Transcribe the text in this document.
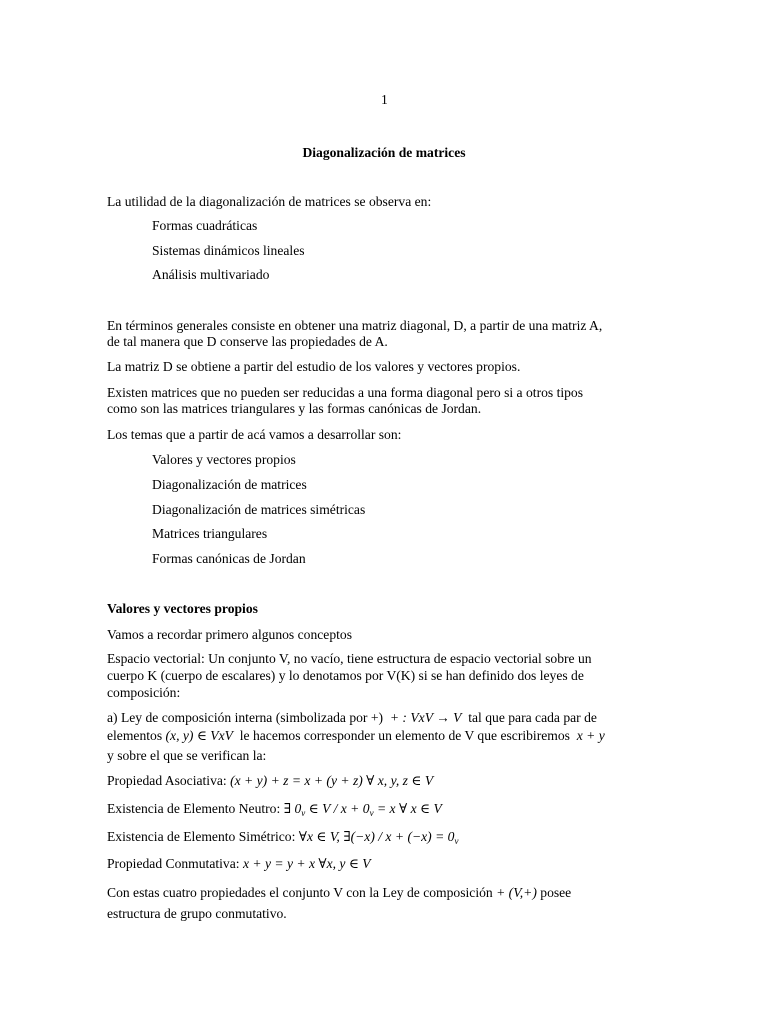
1
Diagonalización de matrices
La utilidad de la diagonalización de matrices se observa en:
Formas cuadráticas
Sistemas dinámicos lineales
Análisis multivariado
En términos generales consiste en obtener una matriz diagonal, D, a partir de una matriz A,
de tal manera que D conserve las propiedades de A.
La matriz D se obtiene a partir del estudio de los valores y vectores propios.
Existen matrices que no pueden ser reducidas a una forma diagonal pero si a otros tipos
como son las matrices triangulares y las formas canónicas de Jordan.
Los temas que a partir de acá vamos a desarrollar son:
Valores y vectores propios
Diagonalización de matrices
Diagonalización de matrices simétricas
Matrices triangulares
Formas canónicas de Jordan
Valores y vectores propios
Vamos a recordar primero algunos conceptos
Espacio vectorial: Un conjunto V, no vacío, tiene estructura de espacio vectorial sobre un
cuerpo K (cuerpo de escalares) y lo denotamos por V(K) si se han definido dos leyes de
composición:
a) Ley de composición interna (simbolizada por +) + : VxV → V tal que para cada par de
elementos (x, y) ∈ VxV le hacemos corresponder un elemento de V que escribiremos x + y
y sobre el que se verifican la:
Propiedad Asociativa: (x + y) + z = x + (y + z) ∀ x, y, z ∈ V
Existencia de Elemento Neutro: ∃ $0_v$ ∈ $V / x + 0_v = x$ ∀ x ∈ V
Existencia de Elemento Simétrico: ∀x ∈ V, ∃(−x) / $x + (-x) = 0_v$
Propiedad Conmutativa: x + y = y + x ∀x, y ∈ V
Con estas cuatro propiedades el conjunto V con la Ley de composición + (V,+) posee
estructura de grupo conmutativo.
